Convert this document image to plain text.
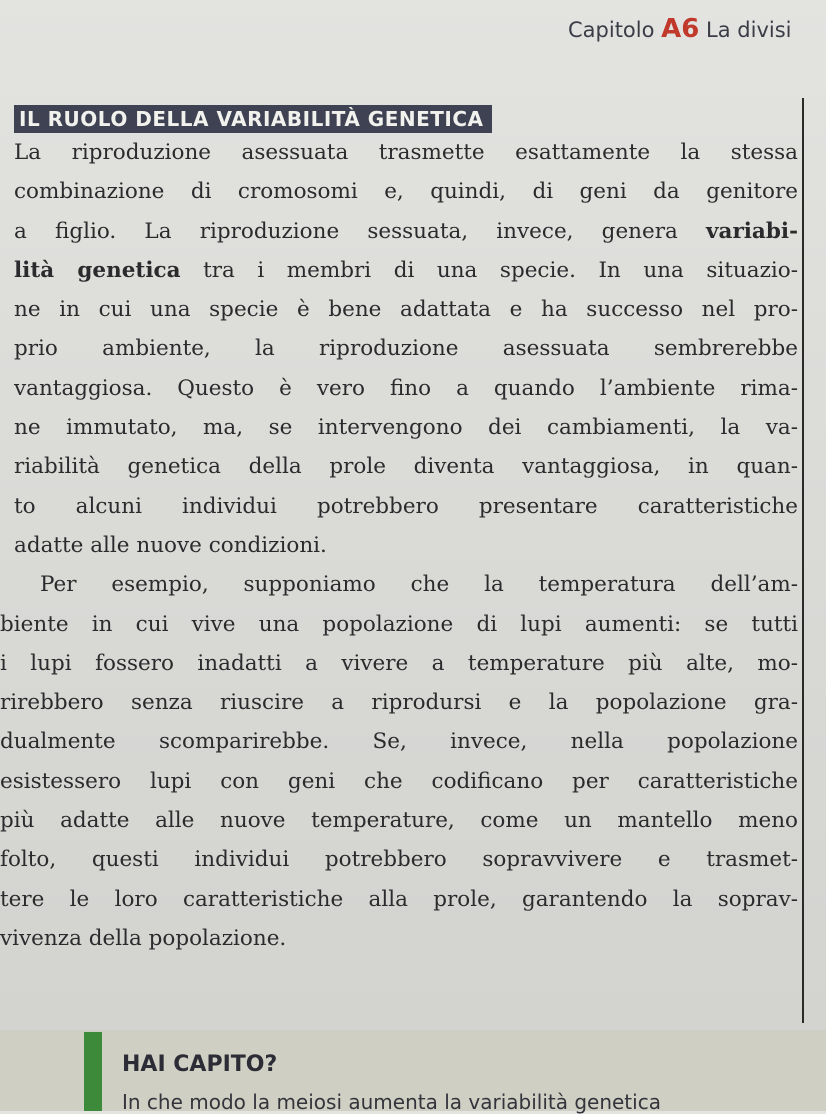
Capitolo A6 La divisi
IL RUOLO DELLA VARIABILITÀ GENETICA
La riproduzione asessuata trasmette esattamente la stessa
combinazione di cromosomi e, quindi, di geni da genitore
a figlio. La riproduzione sessuata, invece, genera variabi-
lità genetica tra i membri di una specie. In una situazio-
ne in cui una specie è bene adattata e ha successo nel pro-
prio ambiente, la riproduzione asessuata sembrerebbe
vantaggiosa. Questo è vero fino a quando l’ambiente rima-
ne immutato, ma, se intervengono dei cambiamenti, la va-
riabilità genetica della prole diventa vantaggiosa, in quan-
to alcuni individui potrebbero presentare caratteristiche
adatte alle nuove condizioni.
Per esempio, supponiamo che la temperatura dell’am-
biente in cui vive una popolazione di lupi aumenti: se tutti
i lupi fossero inadatti a vivere a temperature più alte, mo-
rirebbero senza riuscire a riprodursi e la popolazione gra-
dualmente scomparirebbe. Se, invece, nella popolazione
esistessero lupi con geni che codificano per caratteristiche
più adatte alle nuove temperature, come un mantello meno
folto, questi individui potrebbero sopravvivere e trasmet-
tere le loro caratteristiche alla prole, garantendo la soprav-
vivenza della popolazione.
HAI CAPITO?
In che modo la meiosi aumenta la variabilità genetica
